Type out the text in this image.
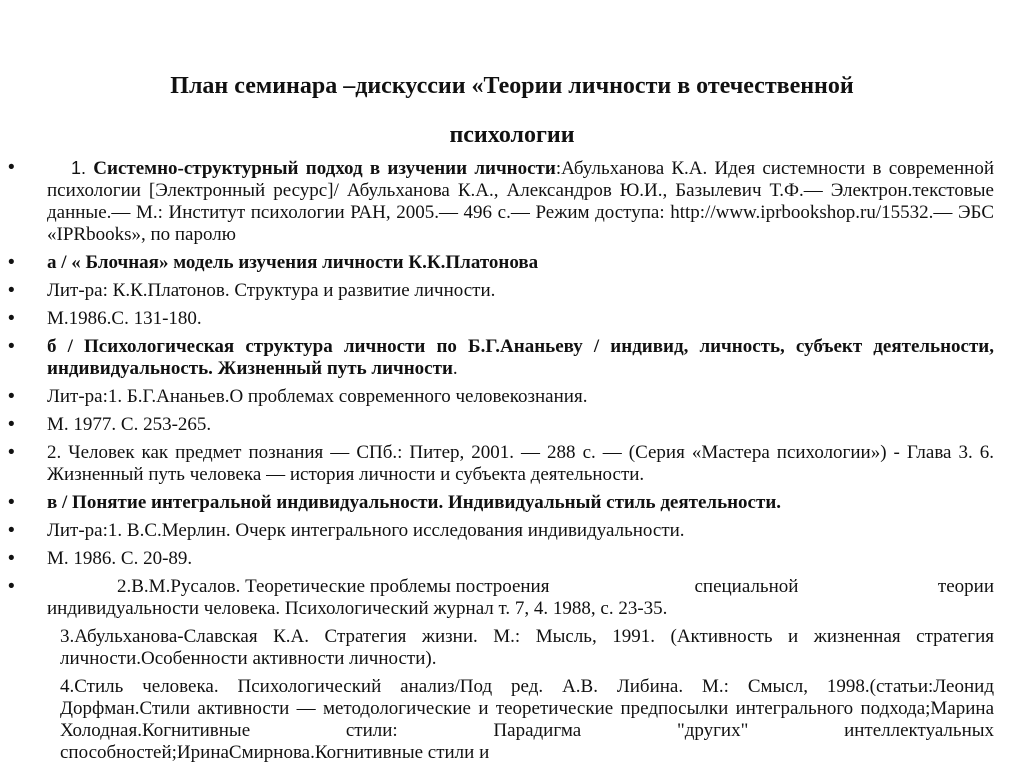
План семинара –дискуссии «Теории личности в отечественной
психологии
• 1. Системно-структурный подход в изучении личности:Абульханова К.А. Идея системности в современной психологии [Электронный ресурс]/ Абульханова К.А., Александров Ю.И., Базылевич Т.Ф.— Электрон.текстовые данные.— М.: Институт психологии РАН, 2005.— 496 с.— Режим доступа: http://www.iprbookshop.ru/15532.— ЭБС «IPRbooks», по паролю
• а / « Блочная» модель изучения личности К.К.Платонова
• Лит-ра: К.К.Платонов. Структура и развитие личности.
• М.1986.С. 131-180.
• б / Психологическая структура личности по Б.Г.Ананьеву / индивид, личность, субъект деятельности, индивидуальность. Жизненный путь личности.
• Лит-ра:1. Б.Г.Ананьев.О проблемах современного человекознания.
• М. 1977. С. 253-265.
• 2. Человек как предмет познания — СПб.: Питер, 2001. — 288 с. — (Серия «Мастера психологии») - Глава 3. 6. Жизненный путь человека — история личности и субъекта деятельности.
• в / Понятие интегральной индивидуальности. Индивидуальный стиль деятельности.
• Лит-ра:1. В.С.Мерлин. Очерк интегрального исследования индивидуальности.
• М. 1986. С. 20-89.
• 2.В.М.Русалов. Теоретические проблемы построения	специальной теории индивидуальности человека. Психологический журнал т. 7, 4. 1988, с. 23-35.
3.Абульханова-Славская К.А. Стратегия жизни. М.: Мысль, 1991. (Активность и жизненная стратегия личности.Особенности активности личности).
4.Стиль человека. Психологический анализ/Под ред. А.В. Либина. М.: Смысл, 1998.(статьи:Леонид Дорфман.Стили активности — методологические и теоретические предпосылки интегрального подхода;Марина Холодная.Когнитивные стили: Парадигма "других" интеллектуальных способностей;ИринаСмирнова.Когнитивные стили и
